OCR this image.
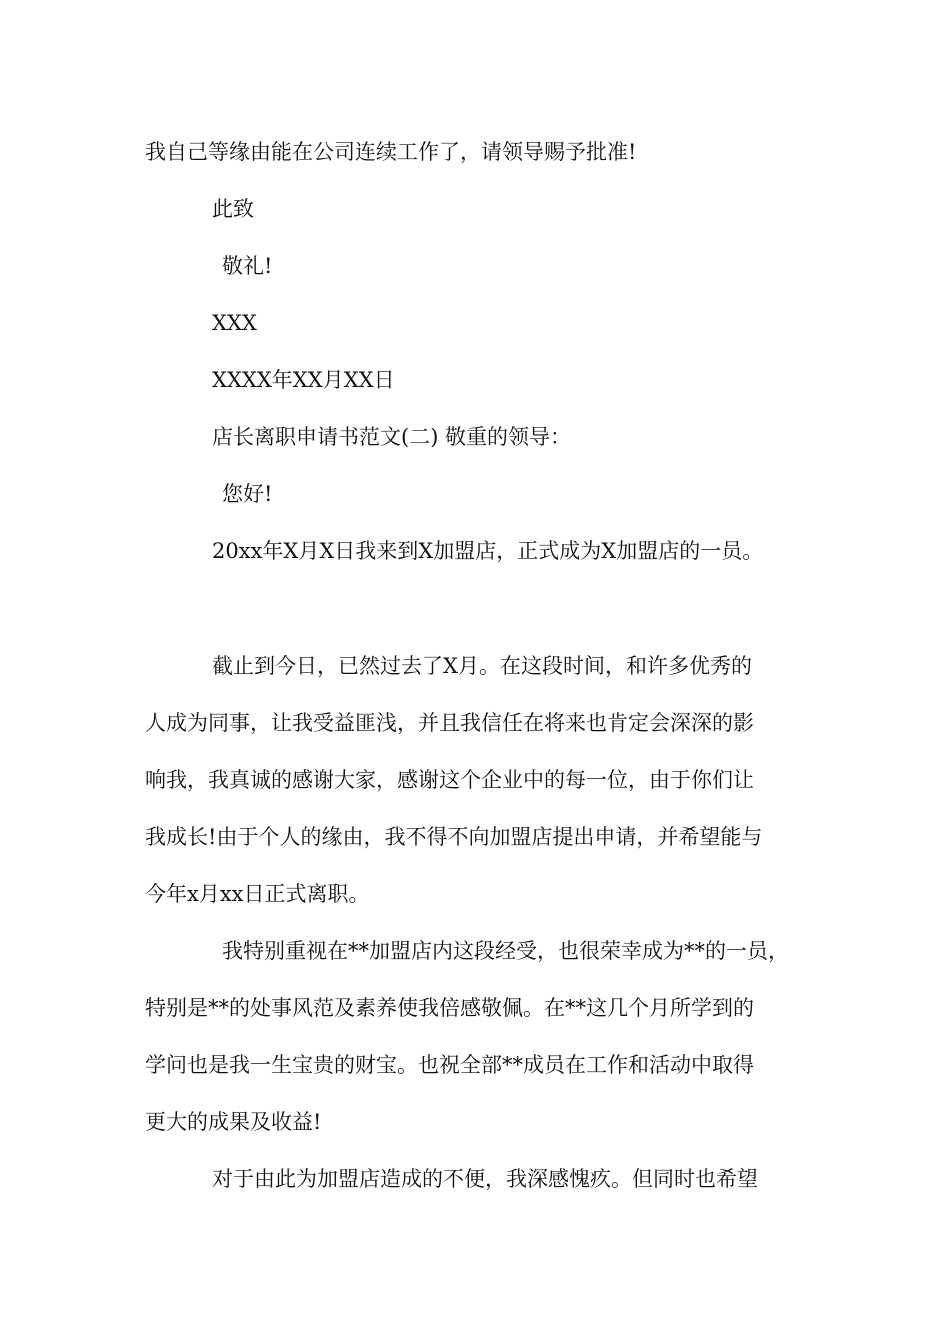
我自己等缘由能在公司连续工作了，请领导赐予批准!
此致
敬礼!
XXX
XXXX年XX月XX日
店长离职申请书范文(二) 敬重的领导：
您好!
20xx年X月X日我来到X加盟店，正式成为X加盟店的一员。
截止到今日，已然过去了X月。在这段时间，和许多优秀的
人成为同事，让我受益匪浅，并且我信任在将来也肯定会深深的影
响我，我真诚的感谢大家，感谢这个企业中的每一位，由于你们让
我成长!由于个人的缘由，我不得不向加盟店提出申请，并希望能与
今年x月xx日正式离职。
我特别重视在**加盟店内这段经受，也很荣幸成为**的一员，
特别是**的处事风范及素养使我倍感敬佩。在**这几个月所学到的
学问也是我一生宝贵的财宝。也祝全部**成员在工作和活动中取得
更大的成果及收益!
对于由此为加盟店造成的不便，我深感愧疚。但同时也希望
